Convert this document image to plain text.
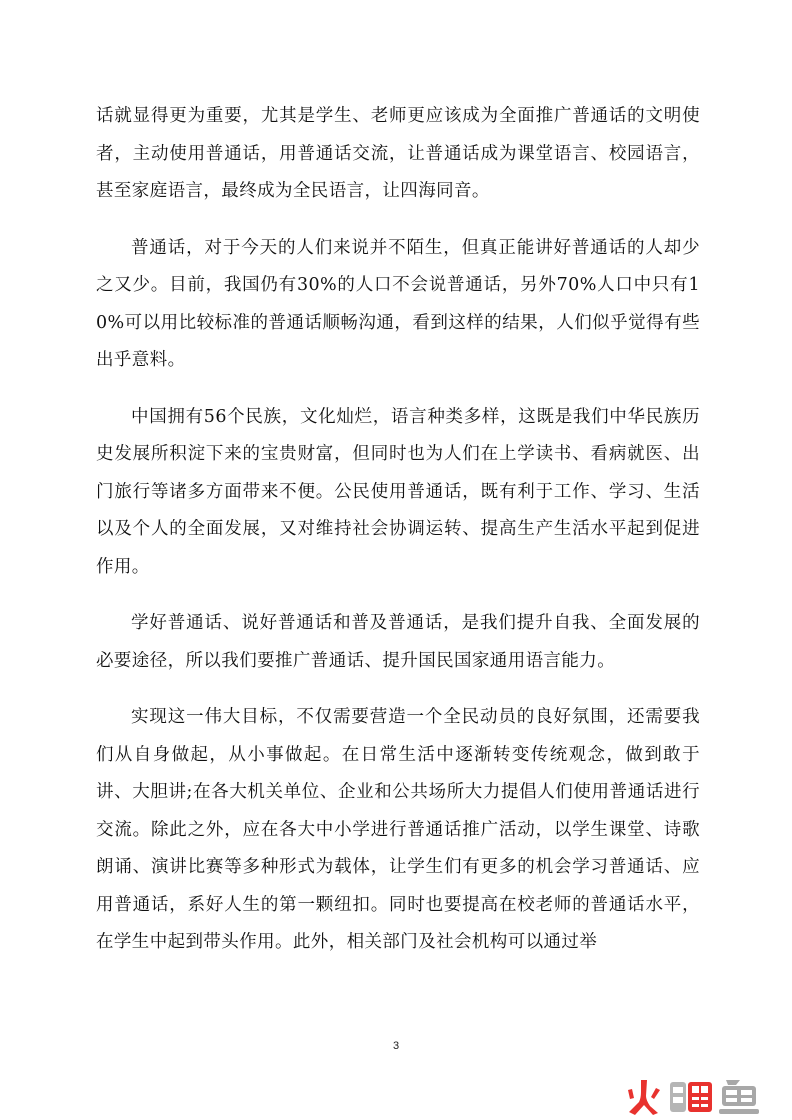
话就显得更为重要，尤其是学生、老师更应该成为全面推广普通话的文明使者，主动使用普通话，用普通话交流，让普通话成为课堂语言、校园语言，甚至家庭语言，最终成为全民语言，让四海同音。

普通话，对于今天的人们来说并不陌生，但真正能讲好普通话的人却少之又少。目前，我国仍有30%的人口不会说普通话，另外70%人口中只有10%可以用比较标准的普通话顺畅沟通，看到这样的结果，人们似乎觉得有些出乎意料。

中国拥有56个民族，文化灿烂，语言种类多样，这既是我们中华民族历史发展所积淀下来的宝贵财富，但同时也为人们在上学读书、看病就医、出门旅行等诸多方面带来不便。公民使用普通话，既有利于工作、学习、生活以及个人的全面发展，又对维持社会协调运转、提高生产生活水平起到促进作用。

学好普通话、说好普通话和普及普通话，是我们提升自我、全面发展的必要途径，所以我们要推广普通话、提升国民国家通用语言能力。

实现这一伟大目标，不仅需要营造一个全民动员的良好氛围，还需要我们从自身做起，从小事做起。在日常生活中逐渐转变传统观念，做到敢于讲、大胆讲;在各大机关单位、企业和公共场所大力提倡人们使用普通话进行交流。除此之外，应在各大中小学进行普通话推广活动，以学生课堂、诗歌朗诵、演讲比赛等多种形式为载体，让学生们有更多的机会学习普通话、应用普通话，系好人生的第一颗纽扣。同时也要提高在校老师的普通话水平，在学生中起到带头作用。此外，相关部门及社会机构可以通过举

3
